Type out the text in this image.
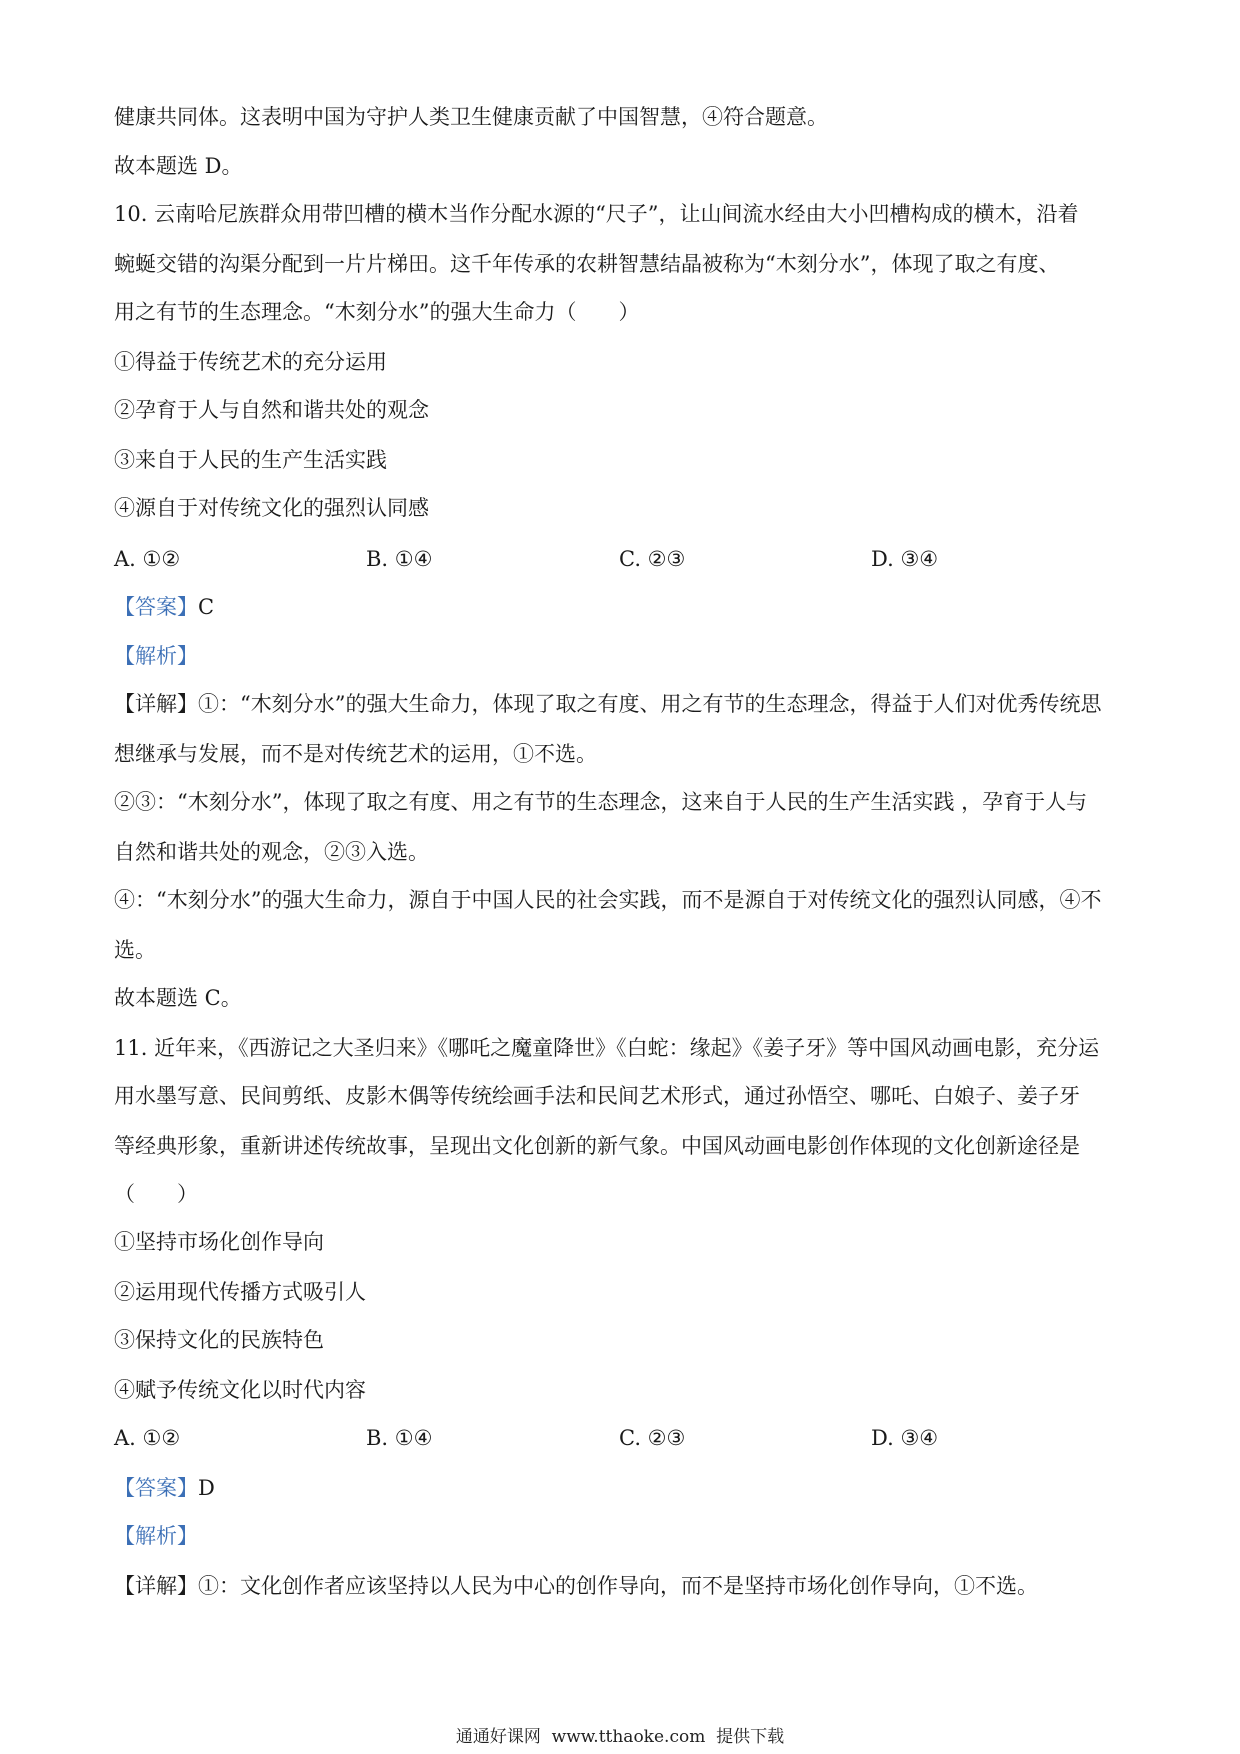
健康共同体。这表明中国为守护人类卫生健康贡献了中国智慧，④符合题意。
故本题选 D。
10. 云南哈尼族群众用带凹槽的横木当作分配水源的“尺子”，让山间流水经由大小凹槽构成的横木，沿着
蜿蜒交错的沟渠分配到一片片梯田。这千年传承的农耕智慧结晶被称为“木刻分水”，体现了取之有度、
用之有节的生态理念。“木刻分水”的强大生命力（　　）
①得益于传统艺术的充分运用
②孕育于人与自然和谐共处的观念
③来自于人民的生产生活实践
④源自于对传统文化的强烈认同感
A. ①②	B. ①④	C. ②③	D. ③④
【答案】C
【解析】
【详解】①：“木刻分水”的强大生命力，体现了取之有度、用之有节的生态理念，得益于人们对优秀传统思
想继承与发展，而不是对传统艺术的运用，①不选。
②③：“木刻分水”，体现了取之有度、用之有节的生态理念，这来自于人民的生产生活实践 ，孕育于人与
自然和谐共处的观念，②③入选。
④：“木刻分水”的强大生命力，源自于中国人民的社会实践，而不是源自于对传统文化的强烈认同感，④不
选。
故本题选 C。
11. 近年来，《西游记之大圣归来》《哪吒之魔童降世》《白蛇：缘起》《姜子牙》等中国风动画电影，充分运
用水墨写意、民间剪纸、皮影木偶等传统绘画手法和民间艺术形式，通过孙悟空、哪吒、白娘子、姜子牙
等经典形象，重新讲述传统故事，呈现出文化创新的新气象。中国风动画电影创作体现的文化创新途径是
（　　）
①坚持市场化创作导向
②运用现代传播方式吸引人
③保持文化的民族特色
④赋予传统文化以时代内容
A. ①②	B. ①④	C. ②③	D. ③④
【答案】D
【解析】
【详解】①：文化创作者应该坚持以人民为中心的创作导向，而不是坚持市场化创作导向，①不选。
通通好课网 www.tthaoke.com 提供下载
